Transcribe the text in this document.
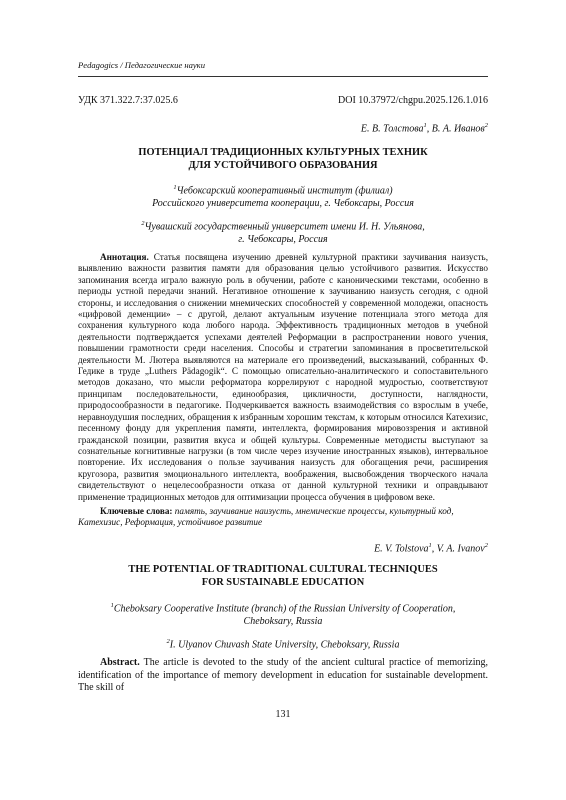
Pedagogics / Педагогические науки
УДК 371.322.7:37.025.6	DOI 10.37972/chgpu.2025.126.1.016
Е. В. Толстова$^1$, В. А. Иванов$^2$
ПОТЕНЦИАЛ ТРАДИЦИОННЫХ КУЛЬТУРНЫХ ТЕХНИК
ДЛЯ УСТОЙЧИВОГО ОБРАЗОВАНИЯ
$^1$Чебоксарский кооперативный институт (филиал)
Российского университета кооперации, г. Чебоксары, Россия
$^2$Чувашский государственный университет имени И. Н. Ульянова,
г. Чебоксары, Россия
Аннотация. Статья посвящена изучению древней культурной практики заучивания наизусть, выявлению важности развития памяти для образования целью устойчивого развития. Искусство запоминания всегда играло важную роль в обучении, работе с каноническими текстами, особенно в периоды устной передачи знаний. Негативное отношение к заучиванию наизусть сегодня, с одной стороны, и исследования о снижении мнемических способностей у современной молодежи, опасность «цифровой деменции» – с другой, делают актуальным изучение потенциала этого метода для сохранения культурного кода любого народа. Эффективность традиционных методов в учебной деятельности подтверждается успехами деятелей Реформации в распространении нового учения, повышении грамотности среди населения. Способы и стратегии запоминания в просветительской деятельности М. Лютера выявляются на материале его произведений, высказываний, собранных Ф. Гедике в труде „Luthers Pädagogik“. С помощью описательно-аналитического и сопоставительного методов доказано, что мысли реформатора коррелируют с народной мудростью, соответствуют принципам последовательности, единообразия, цикличности, доступности, наглядности, природосообразности в педагогике. Подчеркивается важность взаимодействия со взрослым в учебе, неравноудушия последних, обращения к избранным хорошим текстам, к которым относился Катехизис, песенному фонду для укрепления памяти, интеллекта, формирования мировоззрения и активной гражданской позиции, развития вкуса и общей культуры. Современные методисты выступают за сознательные когнитивные нагрузки (в том числе через изучение иностранных языков), интервальное повторение. Их исследования о пользе заучивания наизусть для обогащения речи, расширения кругозора, развития эмоционального интеллекта, воображения, высвобождения творческого начала свидетельствуют о нецелесообразности отказа от данной культурной техники и оправдывают применение традиционных методов для оптимизации процесса обучения в цифровом веке.
Ключевые слова: память, заучивание наизусть, мнемические процессы, культурный код, Катехизис, Реформация, устойчивое развитие
E. V. Tolstova$^1$, V. A. Ivanov$^2$
THE POTENTIAL OF TRADITIONAL CULTURAL TECHNIQUES
FOR SUSTAINABLE EDUCATION
$^1$Cheboksary Cooperative Institute (branch) of the Russian University of Cooperation,
Cheboksary, Russia
$^2$I. Ulyanov Chuvash State University, Cheboksary, Russia
Abstract. The article is devoted to the study of the ancient cultural practice of memorizing, identification of the importance of memory development in education for sustainable development. The skill of
131
